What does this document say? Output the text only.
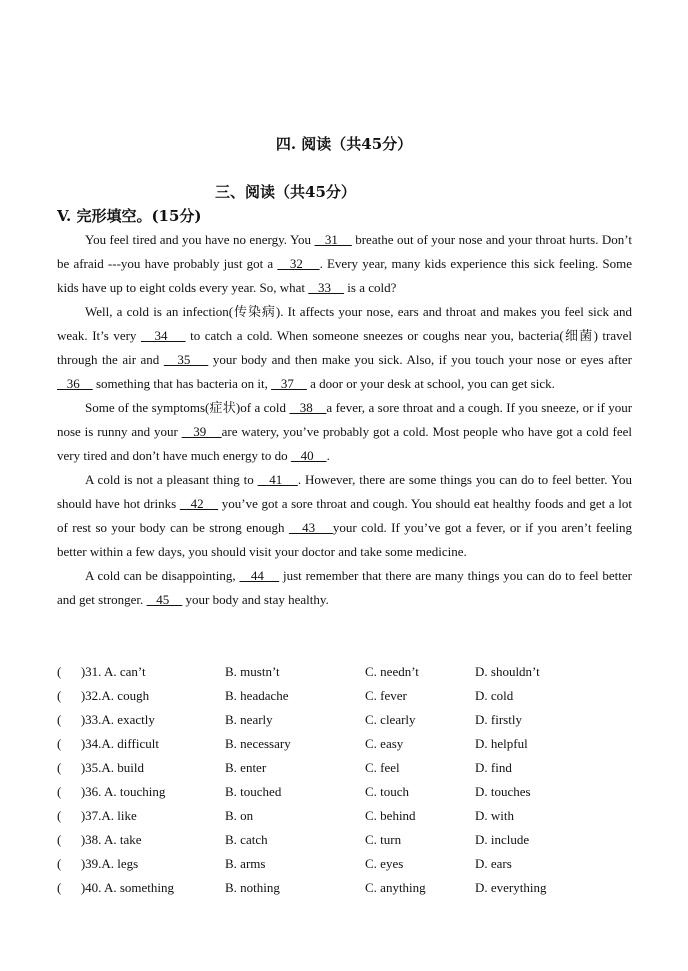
四. 阅读（共45分）
三、阅读（共45分）
V. 完形填空。(15分)

You feel tired and you have no energy. You    31     breathe out of your nose and your throat hurts. Don’t be afraid ---you have probably just got a    32    . Every year, many kids experience this sick feeling. Some kids have up to eight colds every year. So, what    33     is a cold?

Well, a cold is an infection(传染病). It affects your nose, ears and throat and makes you feel sick and weak. It’s very    34     to catch a cold. When someone sneezes or coughs near you, bacteria(细菌) travel through the air and    35     your body and then make you sick. Also, if you touch your nose or eyes after    36     something that has bacteria on it,    37     a door or your desk at school, you can get sick.

Some of the symptoms(症状)of a cold    38    a fever, a sore throat and a cough. If you sneeze, or if your nose is runny and your    39    are watery, you’ve probably got a cold. Most people who have got a cold feel very tired and don’t have much energy to do    40    .

A cold is not a pleasant thing to    41    . However, there are some things you can do to feel better. You should have hot drinks    42     you’ve got a sore throat and cough. You should eat healthy foods and get a lot of rest so your body can be strong enough    43    your cold. If you’ve got a fever, or if you aren’t feeling better within a few days, you should visit your doctor and take some medicine.

A cold can be disappointing,    44     just remember that there are many things you can do to feel better and get stronger.    45     your body and stay healthy.

(      )31. A. can’t	B. mustn’t	C. needn’t	D. shouldn’t
(      )32.A. cough	B. headache	C. fever	D. cold
(      )33.A. exactly	B. nearly	C. clearly	D. firstly
(      )34.A. difficult	B. necessary	C. easy	D. helpful
(      )35.A. build	B. enter	C. feel	D. find
(      )36. A. touching	B. touched	C. touch	D. touches
(      )37.A. like	B. on	C. behind	D. with
(      )38. A. take	B. catch	C. turn	D. include
(      )39.A. legs	B. arms	C. eyes	D. ears
(      )40. A. something	B. nothing	C. anything	D. everything
